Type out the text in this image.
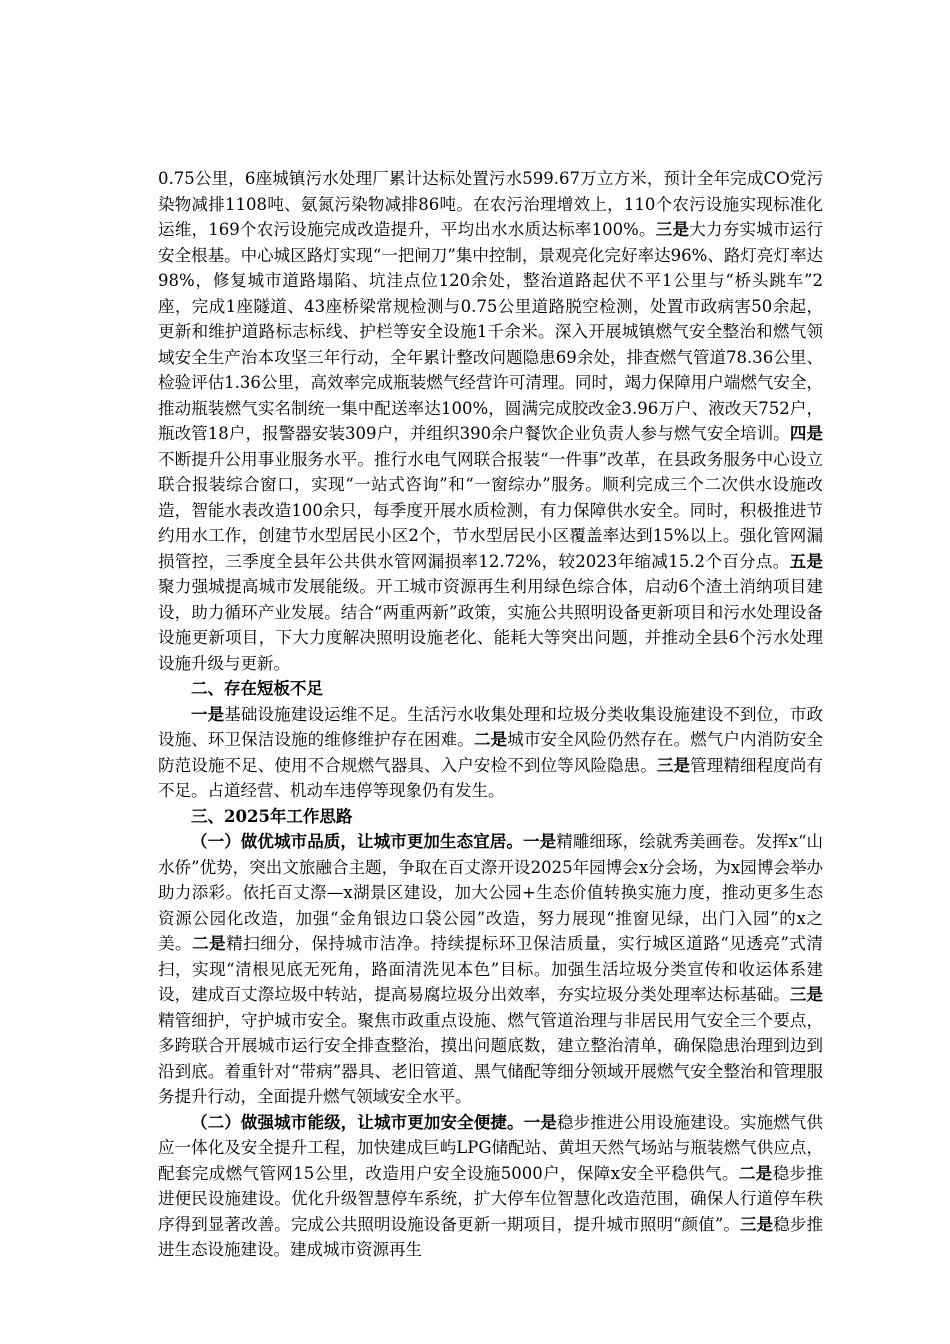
0.75公里，6座城镇污水处理厂累计达标处置污水599.67万立方米，预计全年完成CO党污染物减排1108吨、氨氮污染物减排86吨。在农污治理增效上，110个农污设施实现标准化运维，169个农污设施完成改造提升，平均出水水质达标率100%。三是大力夯实城市运行安全根基。中心城区路灯实现“一把闸刀”集中控制，景观亮化完好率达96%、路灯亮灯率达98%，修复城市道路塌陷、坑洼点位120余处，整治道路起伏不平1公里与“桥头跳车”2座，完成1座隧道、43座桥梁常规检测与0.75公里道路脱空检测，处置市政病害50余起，更新和维护道路标志标线、护栏等安全设施1千余米。深入开展城镇燃气安全整治和燃气领域安全生产治本攻坚三年行动，全年累计整改问题隐患69余处，排查燃气管道78.36公里、检验评估1.36公里，高效率完成瓶装燃气经营许可清理。同时，竭力保障用户端燃气安全，推动瓶装燃气实名制统一集中配送率达100%，圆满完成胶改金3.96万户、液改天752户，瓶改管18户，报警器安装309户，并组织390余户餐饮企业负责人参与燃气安全培训。四是不断提升公用事业服务水平。推行水电气网联合报装“一件事”改革，在县政务服务中心设立联合报装综合窗口，实现“一站式咨询”和“一窗综办”服务。顺利完成三个二次供水设施改造，智能水表改造100余只，每季度开展水质检测，有力保障供水安全。同时，积极推进节约用水工作，创建节水型居民小区2个，节水型居民小区覆盖率达到15%以上。强化管网漏损管控，三季度全县年公共供水管网漏损率12.72%，较2023年缩减15.2个百分点。五是聚力强城提高城市发展能级。开工城市资源再生利用绿色综合体，启动6个渣土消纳项目建设，助力循环产业发展。结合“两重两新”政策，实施公共照明设备更新项目和污水处理设备设施更新项目，下大力度解决照明设施老化、能耗大等突出问题，并推动全县6个污水处理设施升级与更新。

二、存在短板不足

一是基础设施建设运维不足。生活污水收集处理和垃圾分类收集设施建设不到位，市政设施、环卫保洁设施的维修维护存在困难。二是城市安全风险仍然存在。燃气户内消防安全防范设施不足、使用不合规燃气器具、入户安检不到位等风险隐患。三是管理精细程度尚有不足。占道经营、机动车违停等现象仍有发生。

三、2025年工作思路

（一）做优城市品质，让城市更加生态宜居。一是精雕细琢，绘就秀美画卷。发挥x“山水侨”优势，突出文旅融合主题，争取在百丈漈开设2025年园博会x分会场，为x园博会举办助力添彩。依托百丈漈—x湖景区建设，加大公园+生态价值转换实施力度，推动更多生态资源公园化改造，加强“金角银边口袋公园”改造，努力展现“推窗见绿，出门入园”的x之美。二是精扫细分，保持城市洁净。持续提标环卫保洁质量，实行城区道路“见透亮”式清扫，实现“清根见底无死角，路面清洗见本色”目标。加强生活垃圾分类宣传和收运体系建设，建成百丈漈垃圾中转站，提高易腐垃圾分出效率，夯实垃圾分类处理率达标基础。三是精管细护，守护城市安全。聚焦市政重点设施、燃气管道治理与非居民用气安全三个要点，多跨联合开展城市运行安全排查整治，摸出问题底数，建立整治清单，确保隐患治理到边到沿到底。着重针对“带病”器具、老旧管道、黑气储配等细分领域开展燃气安全整治和管理服务提升行动，全面提升燃气领域安全水平。

（二）做强城市能级，让城市更加安全便捷。一是稳步推进公用设施建设。实施燃气供应一体化及安全提升工程，加快建成巨屿LPG储配站、黄坦天然气场站与瓶装燃气供应点，配套完成燃气管网15公里，改造用户安全设施5000户，保障x安全平稳供气。二是稳步推进便民设施建设。优化升级智慧停车系统，扩大停车位智慧化改造范围，确保人行道停车秩序得到显著改善。完成公共照明设施设备更新一期项目，提升城市照明“颜值”。三是稳步推进生态设施建设。建成城市资源再生
